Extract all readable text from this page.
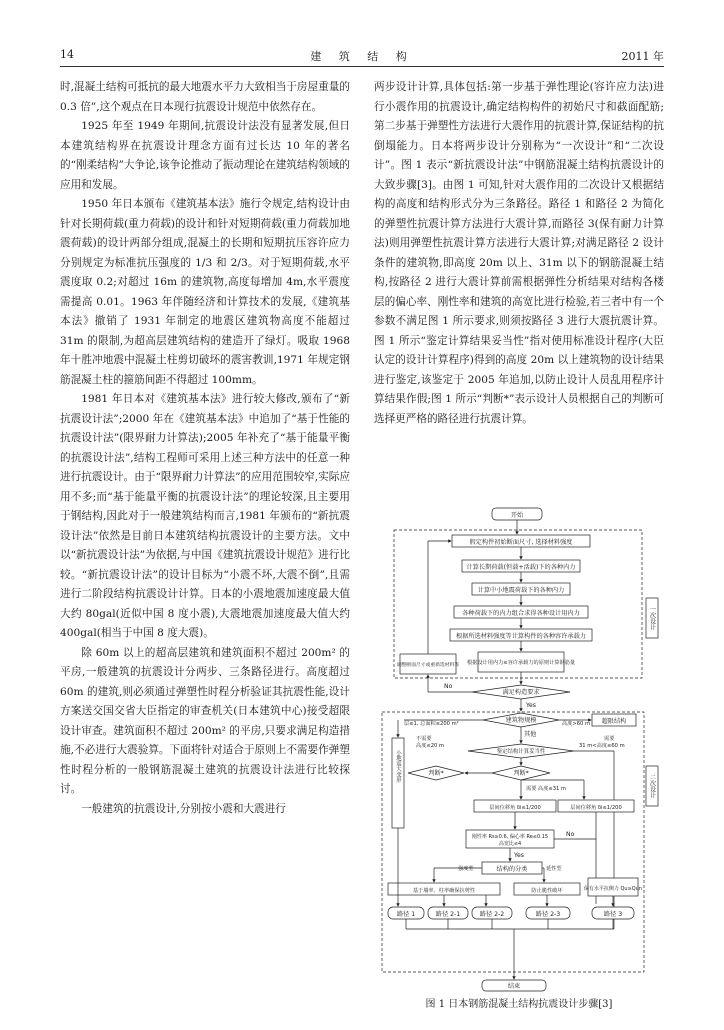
14	建 筑 结 构	2011 年

时,混凝土结构可抵抗的最大地震水平力大致相当于房屋重量的 0.3 倍”,这个观点在日本现行抗震设计规范中依然存在。

1925 年至 1949 年期间,抗震设计法没有显著发展,但日本建筑结构界在抗震设计理念方面有过长达 10 年的著名的“刚柔结构”大争论,该争论推动了振动理论在建筑结构领域的应用和发展。

1950 年日本颁布《建筑基本法》施行令规定,结构设计由针对长期荷载(重力荷载)的设计和针对短期荷载(重力荷载加地震荷载)的设计两部分组成,混凝土的长期和短期抗压容许应力分别规定为标准抗压强度的 1/3 和 2/3。对于短期荷载,水平震度取 0.2;对超过 16m 的建筑物,高度每增加 4m,水平震度需提高 0.01。1963 年伴随经济和计算技术的发展,《建筑基本法》撤销了 1931 年制定的地震区建筑物高度不能超过 31m 的限制,为超高层建筑结构的建造开了绿灯。吸取 1968 年十胜冲地震中混凝土柱剪切破坏的震害教训,1971 年规定钢筋混凝土柱的箍筋间距不得超过 100mm。

1981 年日本对《建筑基本法》进行较大修改,颁布了“新抗震设计法”;2000 年在《建筑基本法》中追加了“基于性能的抗震设计法”(限界耐力计算法);2005 年补充了“基于能量平衡的抗震设计法”,结构工程师可采用上述三种方法中的任意一种进行抗震设计。由于“限界耐力计算法”的应用范围较窄,实际应用不多;而“基于能量平衡的抗震设计法”的理论较深,且主要用于钢结构,因此对于一般建筑结构而言,1981 年颁布的“新抗震设计法”依然是目前日本建筑结构抗震设计的主要方法。文中以“新抗震设计法”为依据,与中国《建筑抗震设计规范》进行比较。“新抗震设计法”的设计目标为“小震不坏,大震不倒”,且需进行二阶段结构抗震设计计算。日本的小震地震加速度最大值大约 80gal(近似中国 8 度小震),大震地震加速度最大值大约 400gal(相当于中国 8 度大震)。

除 60m 以上的超高层建筑和建筑面积不超过 200m² 的平房,一般建筑的抗震设计分两步、三条路径进行。高度超过 60m 的建筑,则必须通过弹塑性时程分析验证其抗震性能,设计方案送交国交省大臣指定的审查机关(日本建筑中心)接受超限设计审查。建筑面积不超过 200m² 的平房,只要求满足构造措施,不必进行大震验算。下面将针对适合于原则上不需要作弹塑性时程分析的一般钢筋混凝土建筑的抗震设计法进行比较探讨。

一般建筑的抗震设计,分别按小震和大震进行

两步设计计算,具体包括:第一步基于弹性理论(容许应力法)进行小震作用的抗震设计,确定结构构件的初始尺寸和截面配筋;第二步基于弹塑性方法进行大震作用的抗震计算,保证结构的抗倒塌能力。日本将两步设计分别称为“一次设计”和“二次设计”。图 1 表示“新抗震设计法”中钢筋混凝土结构抗震设计的大致步骤[3]。由图 1 可知,针对大震作用的二次设计又根据结构的高度和结构形式分为三条路径。路径 1 和路径 2 为简化的弹塑性抗震计算方法进行大震计算,而路径 3(保有耐力计算法)则用弹塑性抗震计算方法进行大震计算;对满足路径 2 设计条件的建筑物,即高度 20m 以上、31m 以下的钢筋混凝土结构,按路径 2 进行大震计算前需根据弹性分析结果对结构各楼层的偏心率、刚性率和建筑的高宽比进行检验,若三者中有一个参数不满足图 1 所示要求,则须按路径 3 进行大震抗震计算。图 1 所示“鉴定计算结果妥当性”指对使用标准设计程序(大臣认定的设计计算程序)得到的高度 20m 以上建筑物的设计结果进行鉴定,该鉴定于 2005 年追加,以防止设计人员乱用程序计算结果作假;图 1 所示“判断*”表示设计人员根据自己的判断可选择更严格的路径进行抗震计算。

一次设计
开始
假定构件初始断面尺寸, 选择材料强度
计算长期荷载(恒载+活载)下的各种内力
计算中小地震荷载下的各种内力
各种荷载下的内力组合求得各种设计用内力
根据所选材料强度等计算构件的各种容许承载力
根据设计用内力≤容许承载力的原则计算钢筋量
调整断面尺寸或重新选材料等
满足构造要求
No
Yes
二次设计
建筑物规模
层≤1, 总面积≤200 m²	高度>60 m 超限结构
其他
小地震大变形
不需要
高度≤20 m
需要
31 m<高度≤60 m
鉴定结构计算妥当性
判断*	判断*
需要 高度≤31 m
层间位移角 δi≤1/200	层间位移角 δi≤1/200
刚性率 Rs≥0.6, 偏心率 Re≤0.15
高宽比≤4
No
Yes
结构的分类
强度型	延性型
基于墙率、柱率确保抗剪性	防止脆性破坏	保有水平抗侧力 Qu≥Qun
路径 1	路径 2-1	路径 2-2	路径 2-3	路径 3
结束
图 1 日本钢筋混凝土结构抗震设计步骤[3]
